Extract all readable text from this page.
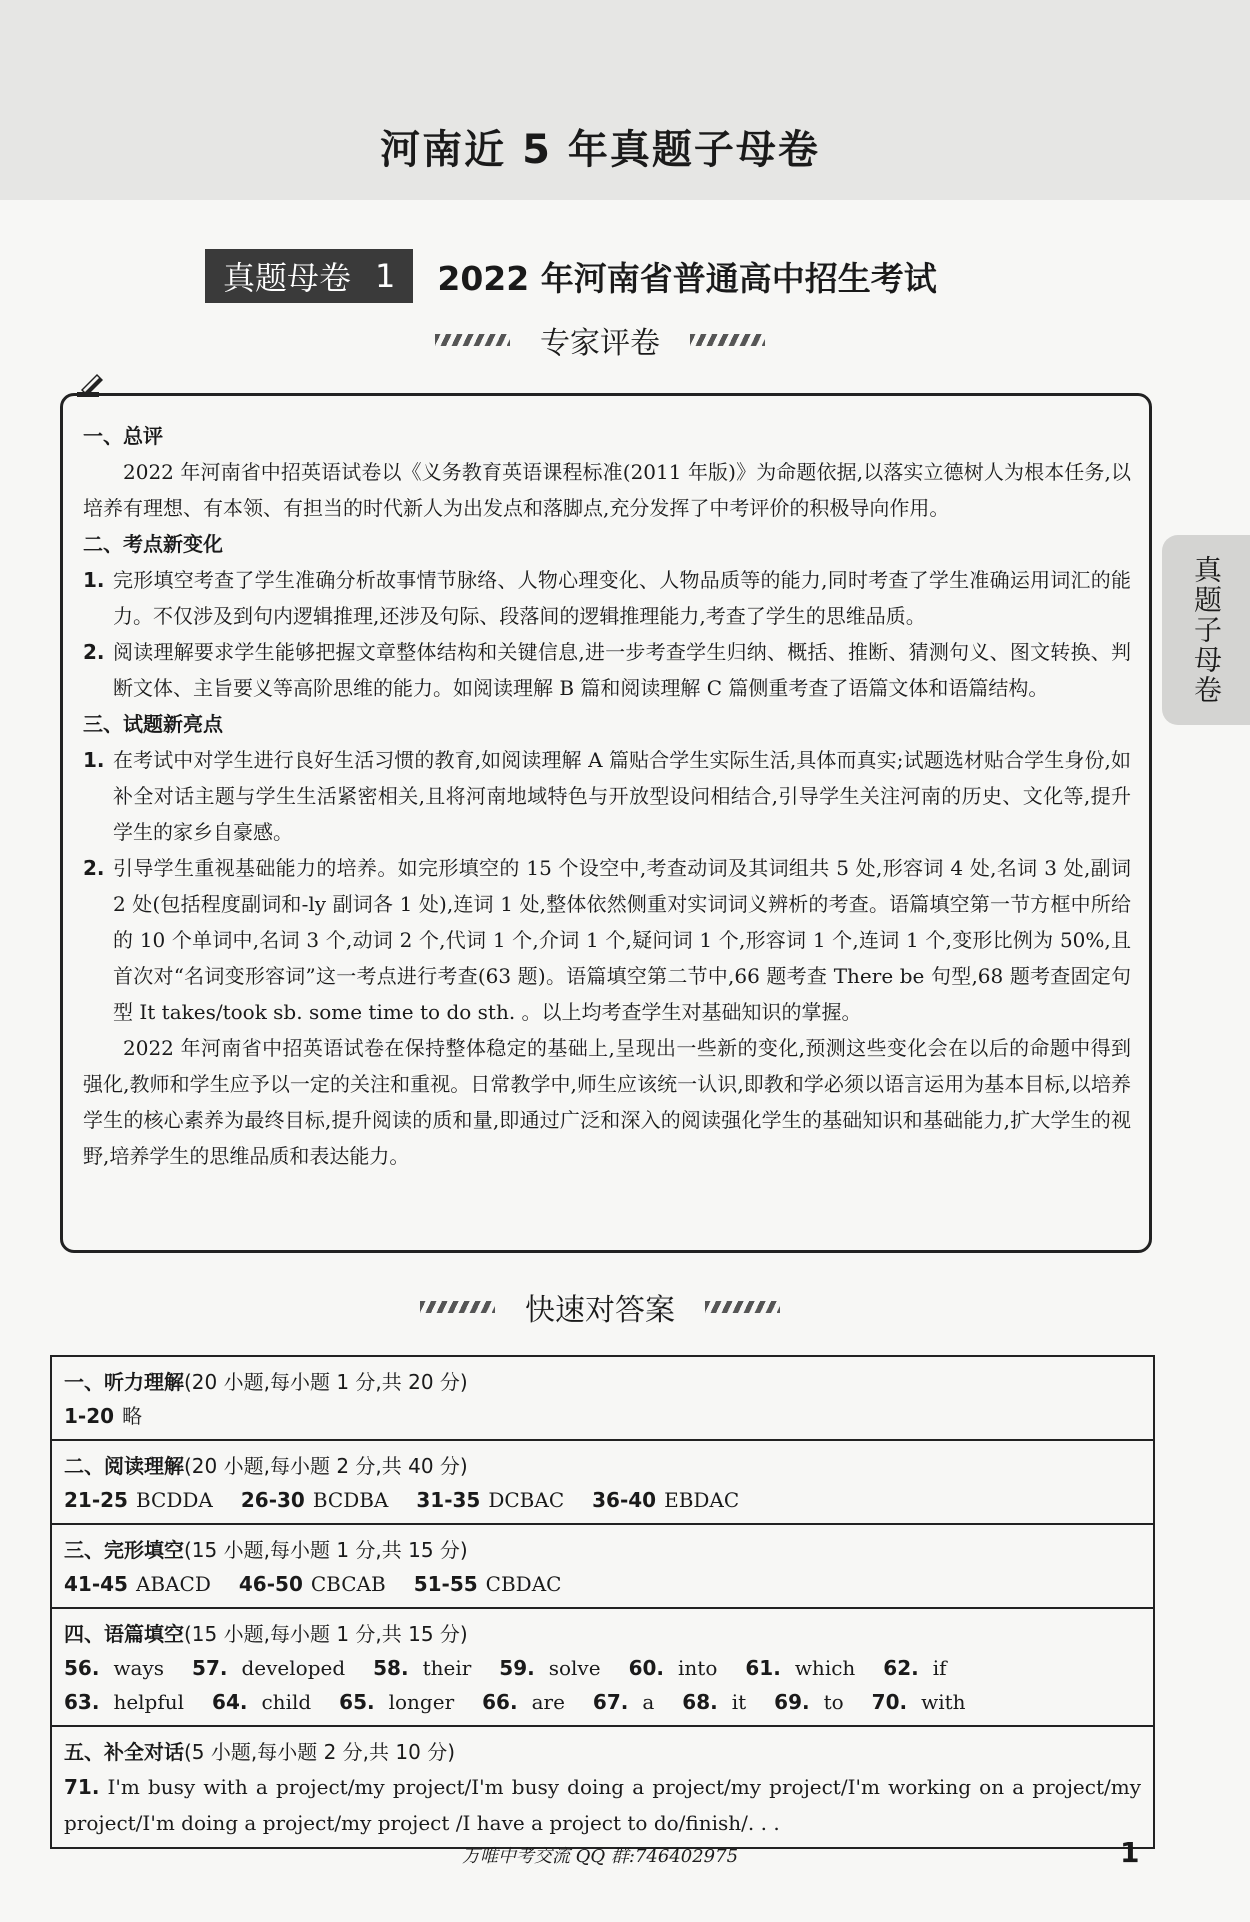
河南近 5 年真题子母卷
真题母卷 1 2022 年河南省普通高中招生考试
专家评卷
一、总评

2022 年河南省中招英语试卷以《义务教育英语课程标准(2011 年版)》为命题依据,以落实立德树人为根本任务,以培养有理想、有本领、有担当的时代新人为出发点和落脚点,充分发挥了中考评价的积极导向作用。

二、考点新变化
1. 完形填空考查了学生准确分析故事情节脉络、人物心理变化、人物品质等的能力,同时考查了学生准确运用词汇的能力。不仅涉及到句内逻辑推理,还涉及句际、段落间的逻辑推理能力,考查了学生的思维品质。
2. 阅读理解要求学生能够把握文章整体结构和关键信息,进一步考查学生归纳、概括、推断、猜测句义、图文转换、判断文体、主旨要义等高阶思维的能力。如阅读理解 B 篇和阅读理解 C 篇侧重考查了语篇文体和语篇结构。
三、试题新亮点
1. 在考试中对学生进行良好生活习惯的教育,如阅读理解 A 篇贴合学生实际生活,具体而真实;试题选材贴合学生身份,如补全对话主题与学生生活紧密相关,且将河南地域特色与开放型设问相结合,引导学生关注河南的历史、文化等,提升学生的家乡自豪感。
2. 引导学生重视基础能力的培养。如完形填空的 15 个设空中,考查动词及其词组共 5 处,形容词 4 处,名词 3 处,副词 2 处(包括程度副词和-ly 副词各 1 处),连词 1 处,整体依然侧重对实词词义辨析的考查。语篇填空第一节方框中所给的 10 个单词中,名词 3 个,动词 2 个,代词 1 个,介词 1 个,疑问词 1 个,形容词 1 个,连词 1 个,变形比例为 50%,且首次对“名词变形容词”这一考点进行考查(63 题)。语篇填空第二节中,66 题考查 There be 句型,68 题考查固定句型 It takes/took sb. some time to do sth. 。以上均考查学生对基础知识的掌握。

2022 年河南省中招英语试卷在保持整体稳定的基础上,呈现出一些新的变化,预测这些变化会在以后的命题中得到强化,教师和学生应予以一定的关注和重视。日常教学中,师生应该统一认识,即教和学必须以语言运用为基本目标,以培养学生的核心素养为最终目标,提升阅读的质和量,即通过广泛和深入的阅读强化学生的基础知识和基础能力,扩大学生的视野,培养学生的思维品质和表达能力。

真题子母卷
快速对答案
一、听力理解(20 小题,每小题 1 分,共 20 分)
1-20 略
二、阅读理解(20 小题,每小题 2 分,共 40 分)
21-25 BCDDA 26-30 BCDBA 31-35 DCBAC 36-40 EBDAC
三、完形填空(15 小题,每小题 1 分,共 15 分)
41-45 ABACD 46-50 CBCAB 51-55 CBDAC
四、语篇填空(15 小题,每小题 1 分,共 15 分)
56. ways 57. developed 58. their 59. solve 60. into 61. which 62. if
63. helpful 64. child 65. longer 66. are 67. a 68. it 69. to 70. with
五、补全对话(5 小题,每小题 2 分,共 10 分)
71. I'm busy with a project/my project/I'm busy doing a project/my project/I'm working on a project/my project/I'm doing a project/my project /I have a project to do/finish/. . .
万唯中考交流 QQ 群:746402975	1
